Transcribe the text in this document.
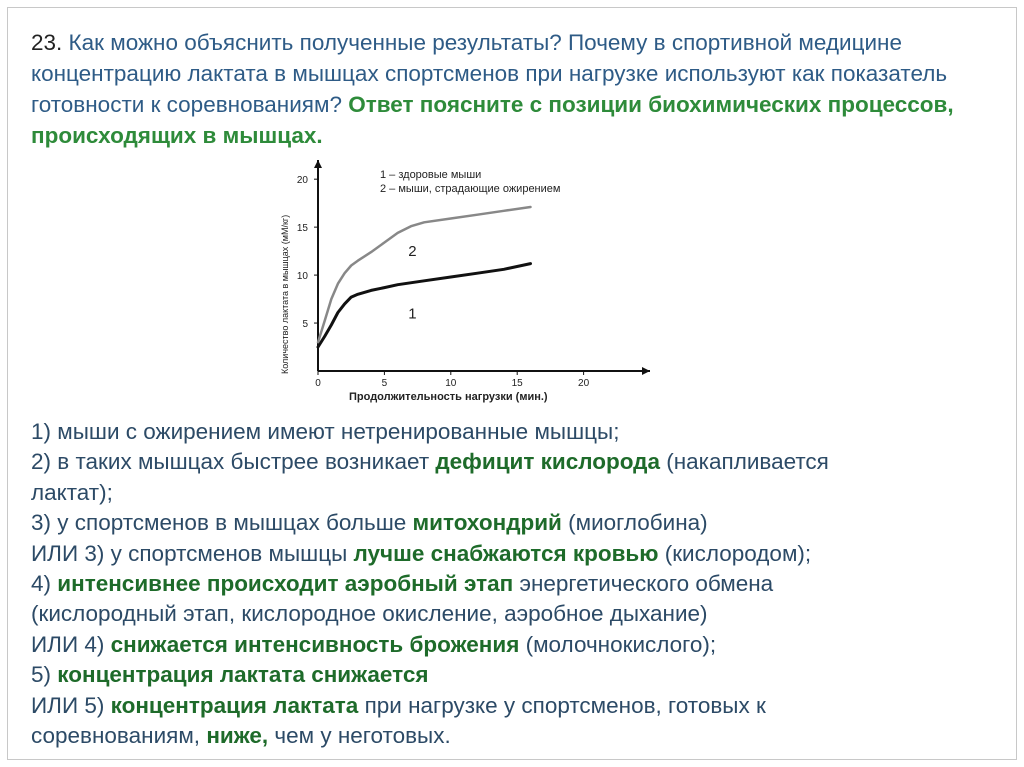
23. Как можно объяснить полученные результаты? Почему в спортивной медицине концентрацию лактата в мышцах спортсменов при нагрузке используют как показатель готовности к соревнованиям? Ответ поясните с позиции биохимических процессов, происходящих в мышцах.
0	5	10	15	20
5
10
15
20
1
2
1 – здоровые мыши
2 – мыши, страдающие ожирением
Продолжительность нагрузки (мин.)
Количество лактата в мышцах (мМ/кг)
1) мыши с ожирением имеют нетренированные мышцы;
2) в таких мышцах быстрее возникает дефицит кислорода (накапливается
лактат);
3) у спортсменов в мышцах больше митохондрий (миоглобина)
ИЛИ 3) у спортсменов мышцы лучше снабжаются кровью (кислородом);
4) интенсивнее происходит аэробный этап энергетического обмена
(кислородный этап, кислородное окисление, аэробное дыхание)
ИЛИ 4) снижается интенсивность брожения (молочнокислого);
5) концентрация лактата снижается
ИЛИ 5) концентрация лактата при нагрузке у спортсменов, готовых к
соревнованиям, ниже, чем у неготовых.
